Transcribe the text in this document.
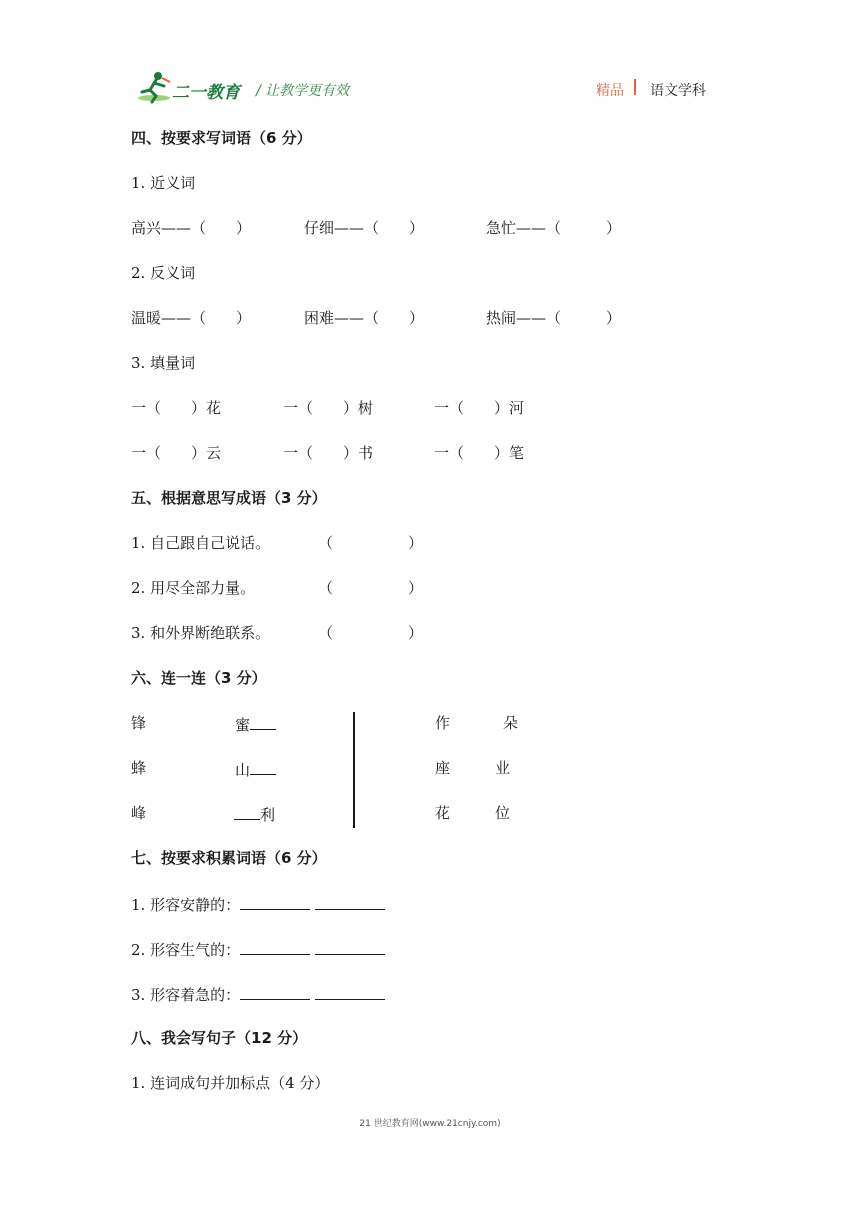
二一教育 / 让教学更有效	精品 语文学科
四、按要求写词语（6 分）
1. 近义词
高兴——（　　）	仔细——（　　）	急忙——（　　　）
2. 反义词
温暖——（　　）	困难——（　　）	热闹——（　　　）
3. 填量词
一（　　）花	一（　　）树	一（　　）河
一（　　）云	一（　　）书	一（　　）笔
五、根据意思写成语（3 分）
1. 自己跟自己说话。	（　　　　　）
2. 用尽全部力量。	（　　　　　）
3. 和外界断绝联系。	（　　　　　）
六、连一连（3 分）
锋	蜜
蜂	山
峰	利
作	朵
座	业
花	位
七、按要求积累词语（6 分）
1. 形容安静的：
2. 形容生气的：
3. 形容着急的：
八、我会写句子（12 分）
1. 连词成句并加标点（4 分）
21 世纪教育网(www.21cnjy.com)
